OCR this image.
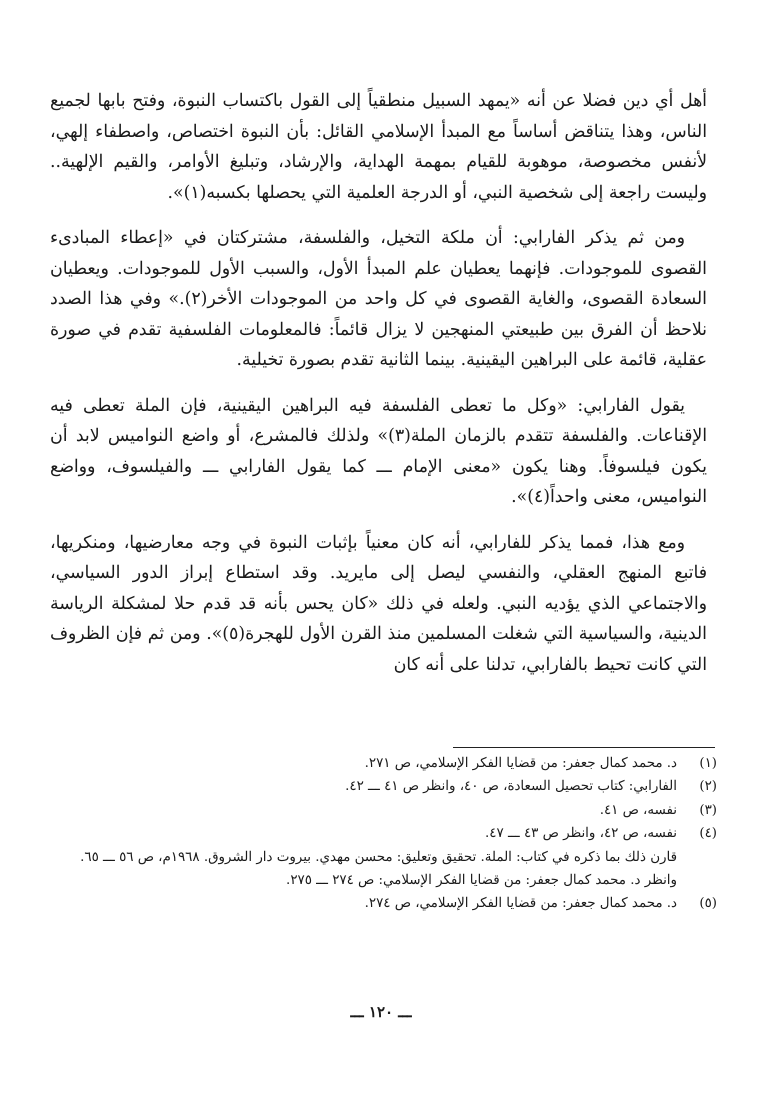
أهل أي دين فضلا عن أنه «يمهد السبيل منطقياً إلى القول باكتساب النبوة، وفتح بابها لجميع الناس، وهذا يتناقض أساساً مع المبدأ الإسلامي القائل: بأن النبوة اختصاص، واصطفاء إلهي، لأنفس مخصوصة، موهوبة للقيام بمهمة الهداية، والإرشاد، وتبليغ الأوامر، والقيم الإلهية.. وليست راجعة إلى شخصية النبي، أو الدرجة العلمية التي يحصلها بكسبه(١)».

ومن ثم يذكر الفارابي: أن ملكة التخيل، والفلسفة، مشتركتان في «إعطاء المبادىء القصوى للموجودات. فإنهما يعطيان علم المبدأ الأول، والسبب الأول للموجودات. ويعطيان السعادة القصوى، والغاية القصوى في كل واحد من الموجودات الأخر(٢).» وفي هذا الصدد نلاحظ أن الفرق بين طبيعتي المنهجين لا يزال قائماً: فالمعلومات الفلسفية تقدم في صورة عقلية، قائمة على البراهين اليقينية. بينما الثانية تقدم بصورة تخيلية.

يقول الفارابي: «وكل ما تعطى الفلسفة فيه البراهين اليقينية، فإن الملة تعطى فيه الإقناعات. والفلسفة تتقدم بالزمان الملة(٣)» ولذلك فالمشرع، أو واضع النواميس لابد أن يكون فيلسوفاً. وهنا يكون «معنى الإمام ـــ كما يقول الفارابي ـــ والفيلسوف، وواضع النواميس، معنى واحداً(٤)».

ومع هذا، فمما يذكر للفارابي، أنه كان معنياً بإثبات النبوة في وجه معارضيها، ومنكريها، فاتبع المنهج العقلي، والنفسي ليصل إلى مايريد. وقد استطاع إبراز الدور السياسي، والاجتماعي الذي يؤديه النبي. ولعله في ذلك «كان يحس بأنه قد قدم حلا لمشكلة الرياسة الدينية، والسياسية التي شغلت المسلمين منذ القرن الأول للهجرة(٥)». ومن ثم فإن الظروف التي كانت تحيط بالفارابي، تدلنا على أنه كان

(١)
د. محمد كمال جعفر: من قضايا الفكر الإسلامي، ص ٢٧١.
(٢)
الفارابي: كتاب تحصيل السعادة، ص ٤٠، وانظر ص ٤١ ـــ ٤٢.
(٣)
نفسه، ص ٤١.
(٤)
نفسه، ص ٤٢، وانظر ص ٤٣ ـــ ٤٧.
قارن ذلك بما ذكره في كتاب: الملة. تحقيق وتعليق: محسن مهدي. بيروت دار الشروق. ١٩٦٨م، ص ٥٦ ـــ ٦٥. وانظر د. محمد كمال جعفر: من قضايا الفكر الإسلامي: ص ٢٧٤ ـــ ٢٧٥.
(٥)
د. محمد كمال جعفر: من قضايا الفكر الإسلامي، ص ٢٧٤.
ـــ ١٢٠ ـــ
